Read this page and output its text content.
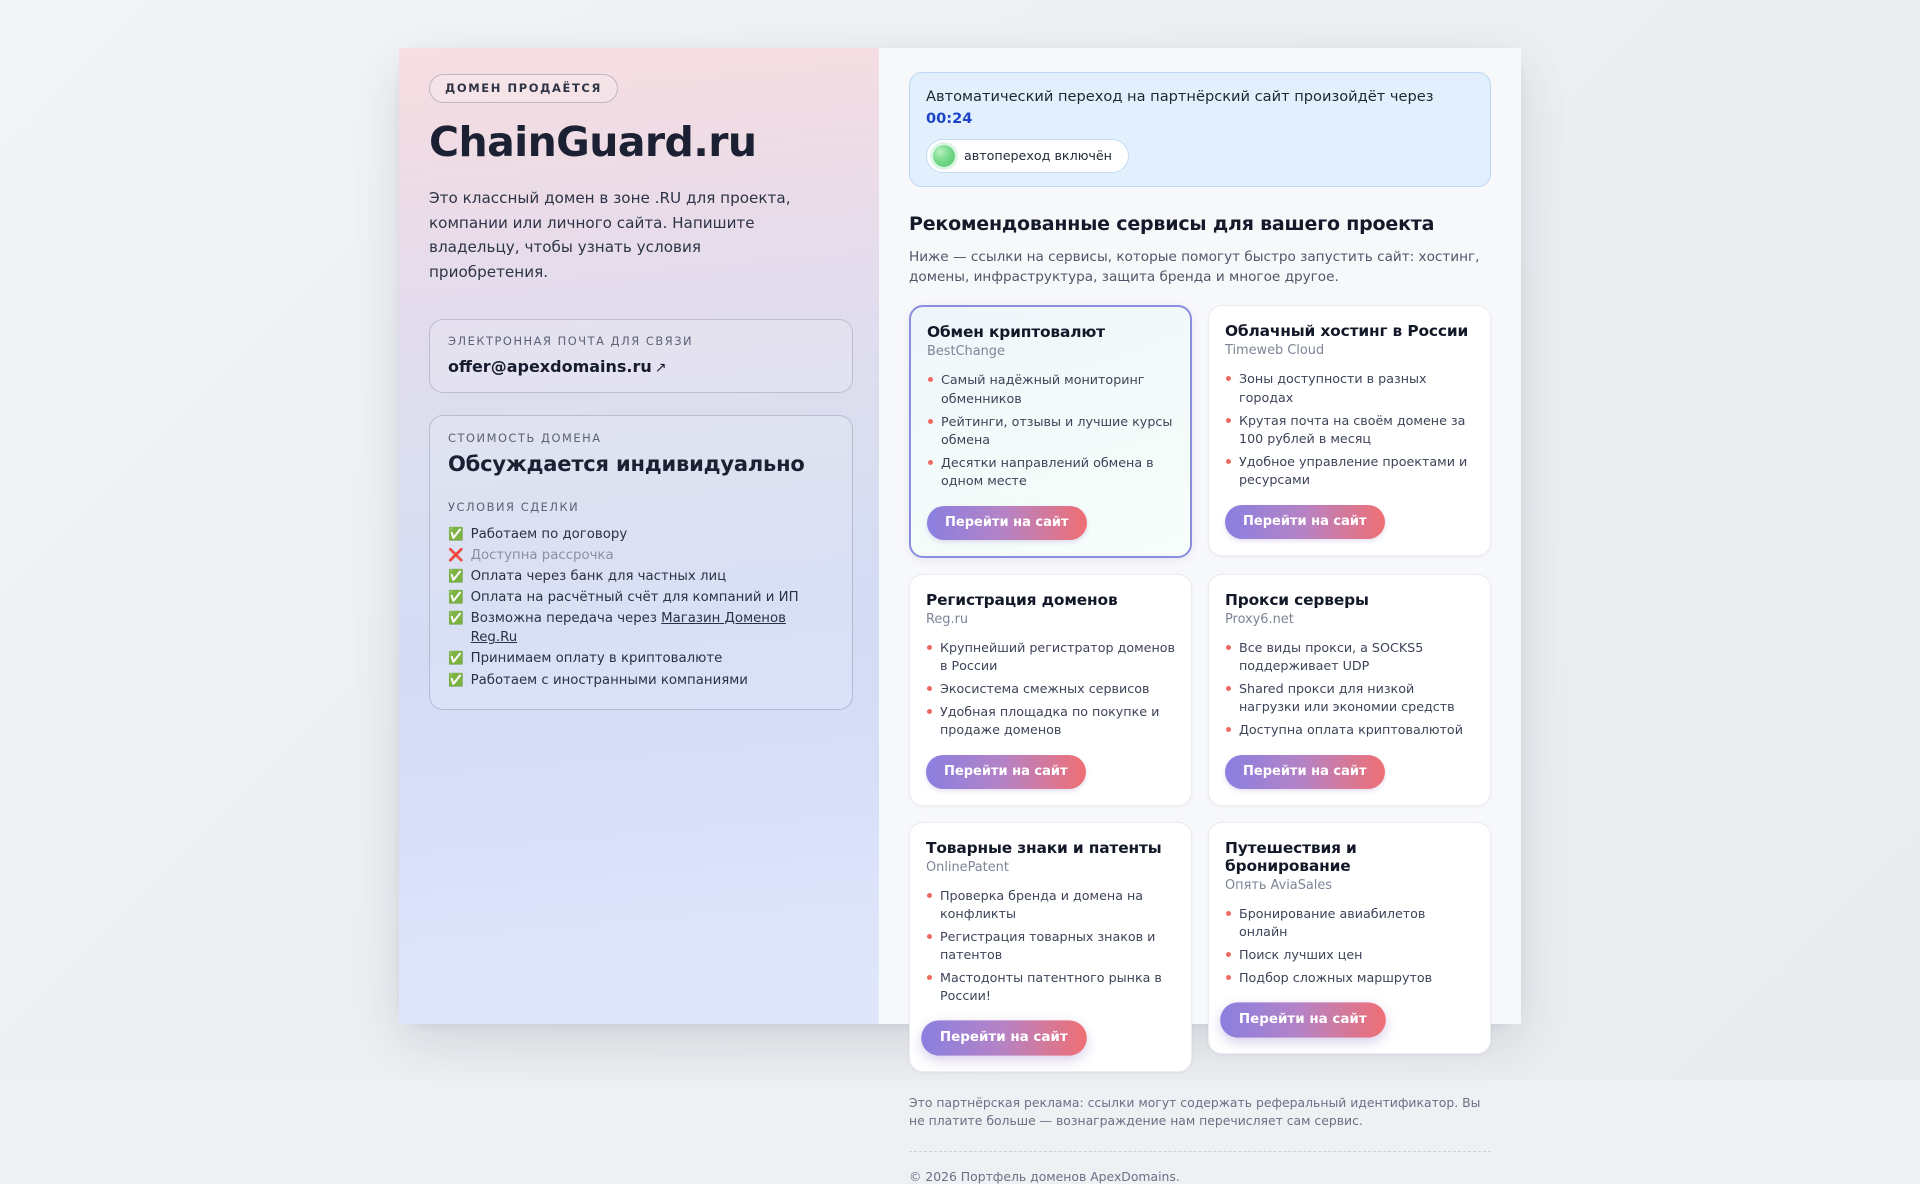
ДОМЕН ПРОДАЁТСЯ
ChainGuard.ru

Это классный домен в зоне .RU для проекта, компании или личного сайта. Напишите владельцу, чтобы узнать условия приобретения.

ЭЛЕКТРОННАЯ ПОЧТА ДЛЯ СВЯЗИ
offer@apexdomains.ru ↗
СТОИМОСТЬ ДОМЕНА
Обсуждается индивидуально
УСЛОВИЯ СДЕЛКИ
✅ Работаем по договору
❌ Доступна рассрочка
✅ Оплата через банк для частных лиц
✅ Оплата на расчётный счёт для компаний и ИП
✅ Возможна передача через Магазин Доменов Reg.Ru
✅ Принимаем оплату в криптовалюте
✅ Работаем с иностранными компаниями
Автоматический переход на партнёрский сайт произойдёт через
00:24
автопереход включён
Рекомендованные сервисы для вашего проекта

Ниже — ссылки на сервисы, которые помогут быстро запустить сайт: хостинг, домены, инфраструктура, защита бренда и многое другое.

Обмен криптовалют
BestChange
Самый надёжный мониторинг обменников
Рейтинги, отзывы и лучшие курсы обмена
Десятки направлений обмена в одном месте
Перейти на сайт
Облачный хостинг в России
Timeweb Cloud
Зоны доступности в разных городах
Крутая почта на своём домене за 100 рублей в месяц
Удобное управление проектами и ресурсами
Перейти на сайт
Регистрация доменов
Reg.ru
Крупнейший регистратор доменов в России
Экосистема смежных сервисов
Удобная площадка по покупке и продаже доменов
Перейти на сайт
Прокси серверы
Proxy6.net
Все виды прокси, а SOCKS5 поддерживает UDP
Shared прокси для низкой нагрузки или экономии средств
Доступна оплата криптовалютой
Перейти на сайт
Товарные знаки и патенты
OnlinePatent
Проверка бренда и домена на конфликты
Регистрация товарных знаков и патентов
Мастодонты патентного рынка в России!
Перейти на сайт
Путешествия и бронирование
Опять AviaSales
Бронирование авиабилетов онлайн
Поиск лучших цен
Подбор сложных маршрутов
Перейти на сайт

Это партнёрская реклама: ссылки могут содержать реферальный идентификатор. Вы не платите больше — вознаграждение нам перечисляет сам сервис.

© 2026 Портфель доменов ApexDomains.
